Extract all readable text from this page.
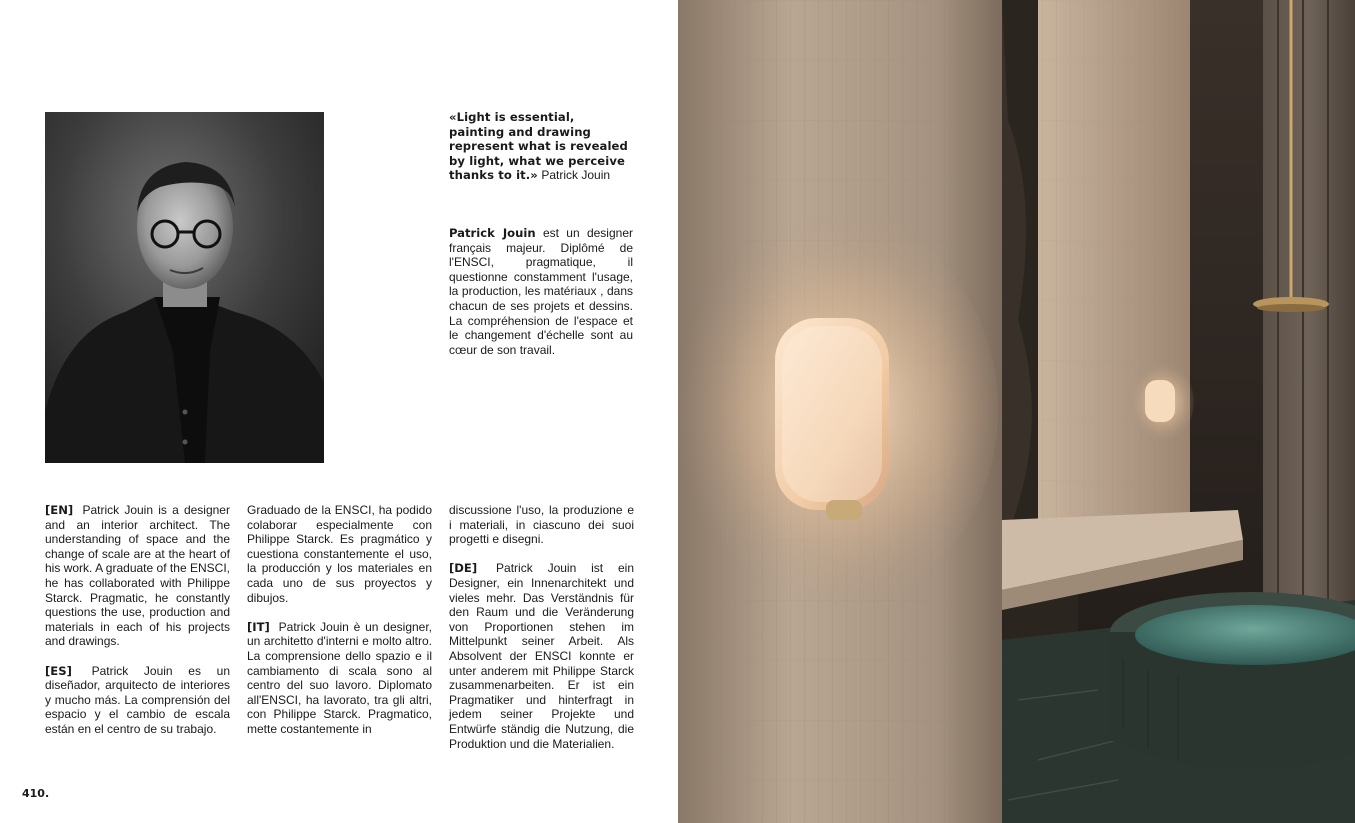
«Light is essential, painting and drawing represent what is revealed by light, what we perceive thanks to it.» Patrick Jouin
Patrick Jouin est un designer français majeur. Diplômé de l'ENSCI, pragmatique, il questionne constamment l'usage, la production, les matériaux , dans chacun de ses projets et dessins. La compréhension de l'espace et le changement d'échelle sont au cœur de son travail.

[EN] Patrick Jouin is a designer and an interior architect. The understanding of space and the change of scale are at the heart of his work. A graduate of the ENSCI, he has collaborated with Philippe Starck. Pragmatic, he constantly questions the use, production and materials in each of his projects and drawings.

[ES] Patrick Jouin es un diseñador, arquitecto de interiores y mucho más. La comprensión del espacio y el cambio de escala están en el centro de su trabajo.

Graduado de la ENSCI, ha podido colaborar especialmente con Philippe Starck. Es pragmático y cuestiona constantemente el uso, la producción y los materiales en cada uno de sus proyectos y dibujos.

[IT] Patrick Jouin è un designer, un architetto d'interni e molto altro. La comprensione dello spazio e il cambiamento di scala sono al centro del suo lavoro. Diplomato all'ENSCI, ha lavorato, tra gli altri, con Philippe Starck. Pragmatico, mette costantemente in

discussione l'uso, la produzione e i materiali, in ciascuno dei suoi progetti e disegni.

[DE] Patrick Jouin ist ein Designer, ein Innenarchitekt und vieles mehr. Das Verständnis für den Raum und die Veränderung von Proportionen stehen im Mittelpunkt seiner Arbeit. Als Absolvent der ENSCI konnte er unter anderem mit Philippe Starck zusammenarbeiten. Er ist ein Pragmatiker und hinterfragt in jedem seiner Projekte und Entwürfe ständig die Nutzung, die Produktion und die Materialien.

410.
